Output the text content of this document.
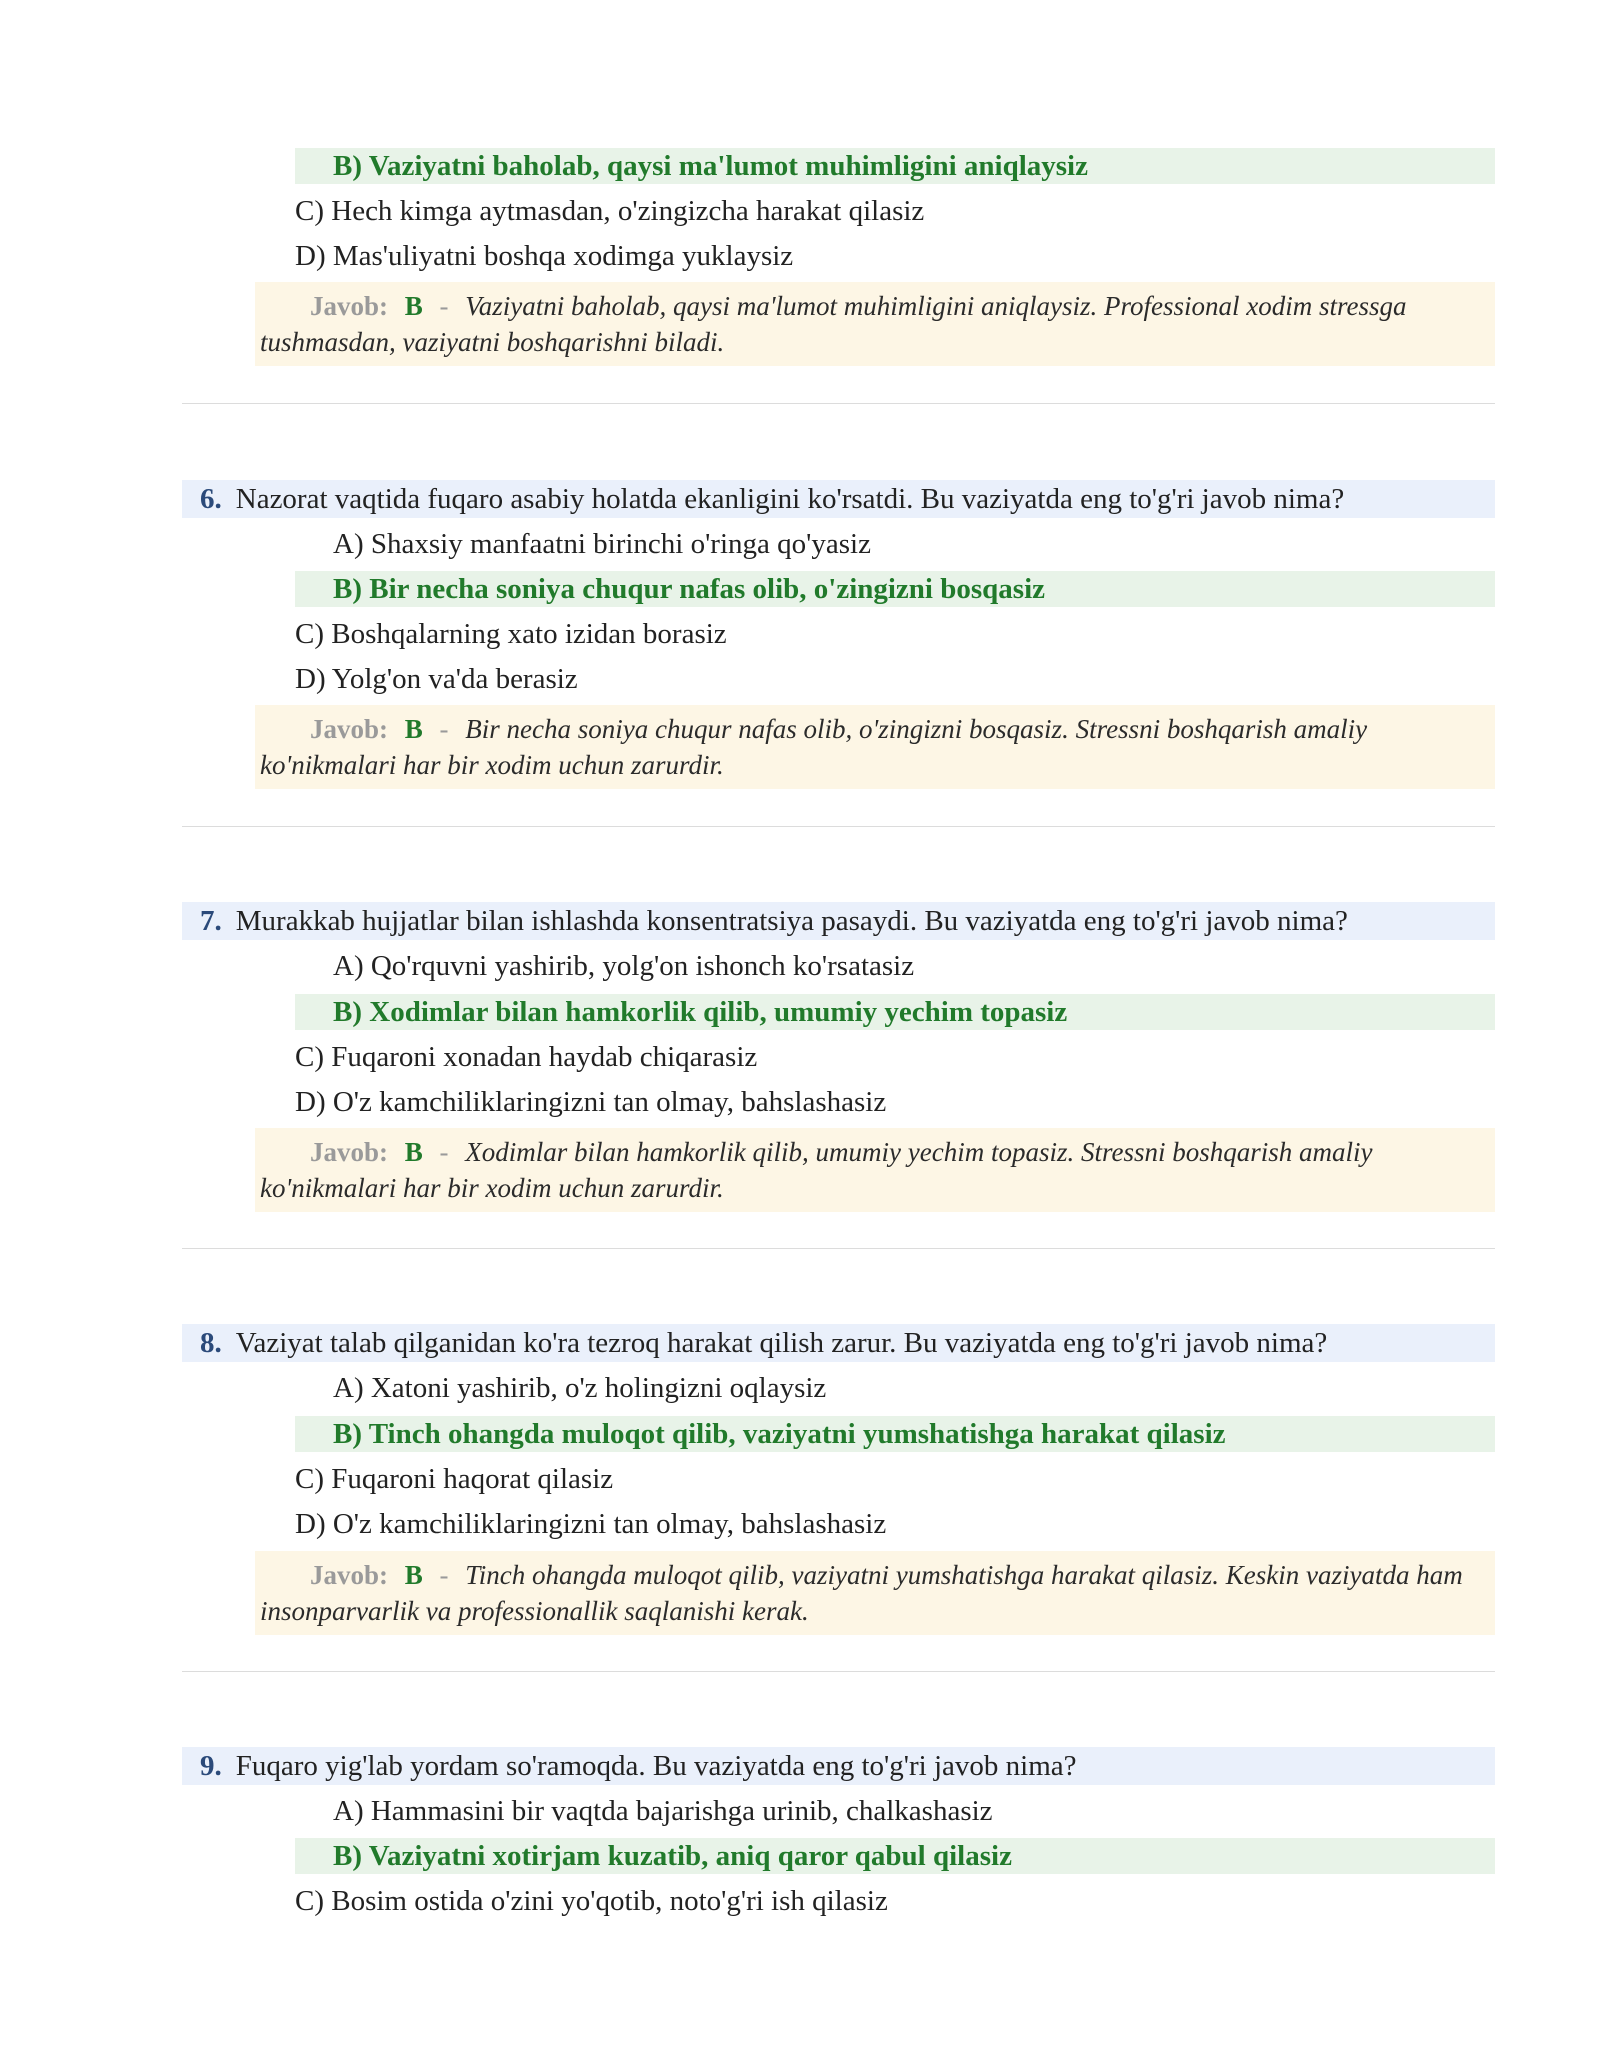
B) Vaziyatni baholab, qaysi ma'lumot muhimligini aniqlaysiz
C) Hech kimga aytmasdan, o'zingizcha harakat qilasiz
D) Mas'uliyatni boshqa xodimga yuklaysiz
Javob: B - Vaziyatni baholab, qaysi ma'lumot muhimligini aniqlaysiz. Professional xodim stressga tushmasdan, vaziyatni boshqarishni biladi.
6. Nazorat vaqtida fuqaro asabiy holatda ekanligini ko'rsatdi. Bu vaziyatda eng to'g'ri javob nima?
A) Shaxsiy manfaatni birinchi o'ringa qo'yasiz
B) Bir necha soniya chuqur nafas olib, o'zingizni bosqasiz
C) Boshqalarning xato izidan borasiz
D) Yolg'on va'da berasiz
Javob: B - Bir necha soniya chuqur nafas olib, o'zingizni bosqasiz. Stressni boshqarish amaliy ko'nikmalari har bir xodim uchun zarurdir.
7. Murakkab hujjatlar bilan ishlashda konsentratsiya pasaydi. Bu vaziyatda eng to'g'ri javob nima?
A) Qo'rquvni yashirib, yolg'on ishonch ko'rsatasiz
B) Xodimlar bilan hamkorlik qilib, umumiy yechim topasiz
C) Fuqaroni xonadan haydab chiqarasiz
D) O'z kamchiliklaringizni tan olmay, bahslashasiz
Javob: B - Xodimlar bilan hamkorlik qilib, umumiy yechim topasiz. Stressni boshqarish amaliy ko'nikmalari har bir xodim uchun zarurdir.
8. Vaziyat talab qilganidan ko'ra tezroq harakat qilish zarur. Bu vaziyatda eng to'g'ri javob nima?
A) Xatoni yashirib, o'z holingizni oqlaysiz
B) Tinch ohangda muloqot qilib, vaziyatni yumshatishga harakat qilasiz
C) Fuqaroni haqorat qilasiz
D) O'z kamchiliklaringizni tan olmay, bahslashasiz
Javob: B - Tinch ohangda muloqot qilib, vaziyatni yumshatishga harakat qilasiz. Keskin vaziyatda ham insonparvarlik va professionallik saqlanishi kerak.
9. Fuqaro yig'lab yordam so'ramoqda. Bu vaziyatda eng to'g'ri javob nima?
A) Hammasini bir vaqtda bajarishga urinib, chalkashasiz
B) Vaziyatni xotirjam kuzatib, aniq qaror qabul qilasiz
C) Bosim ostida o'zini yo'qotib, noto'g'ri ish qilasiz
